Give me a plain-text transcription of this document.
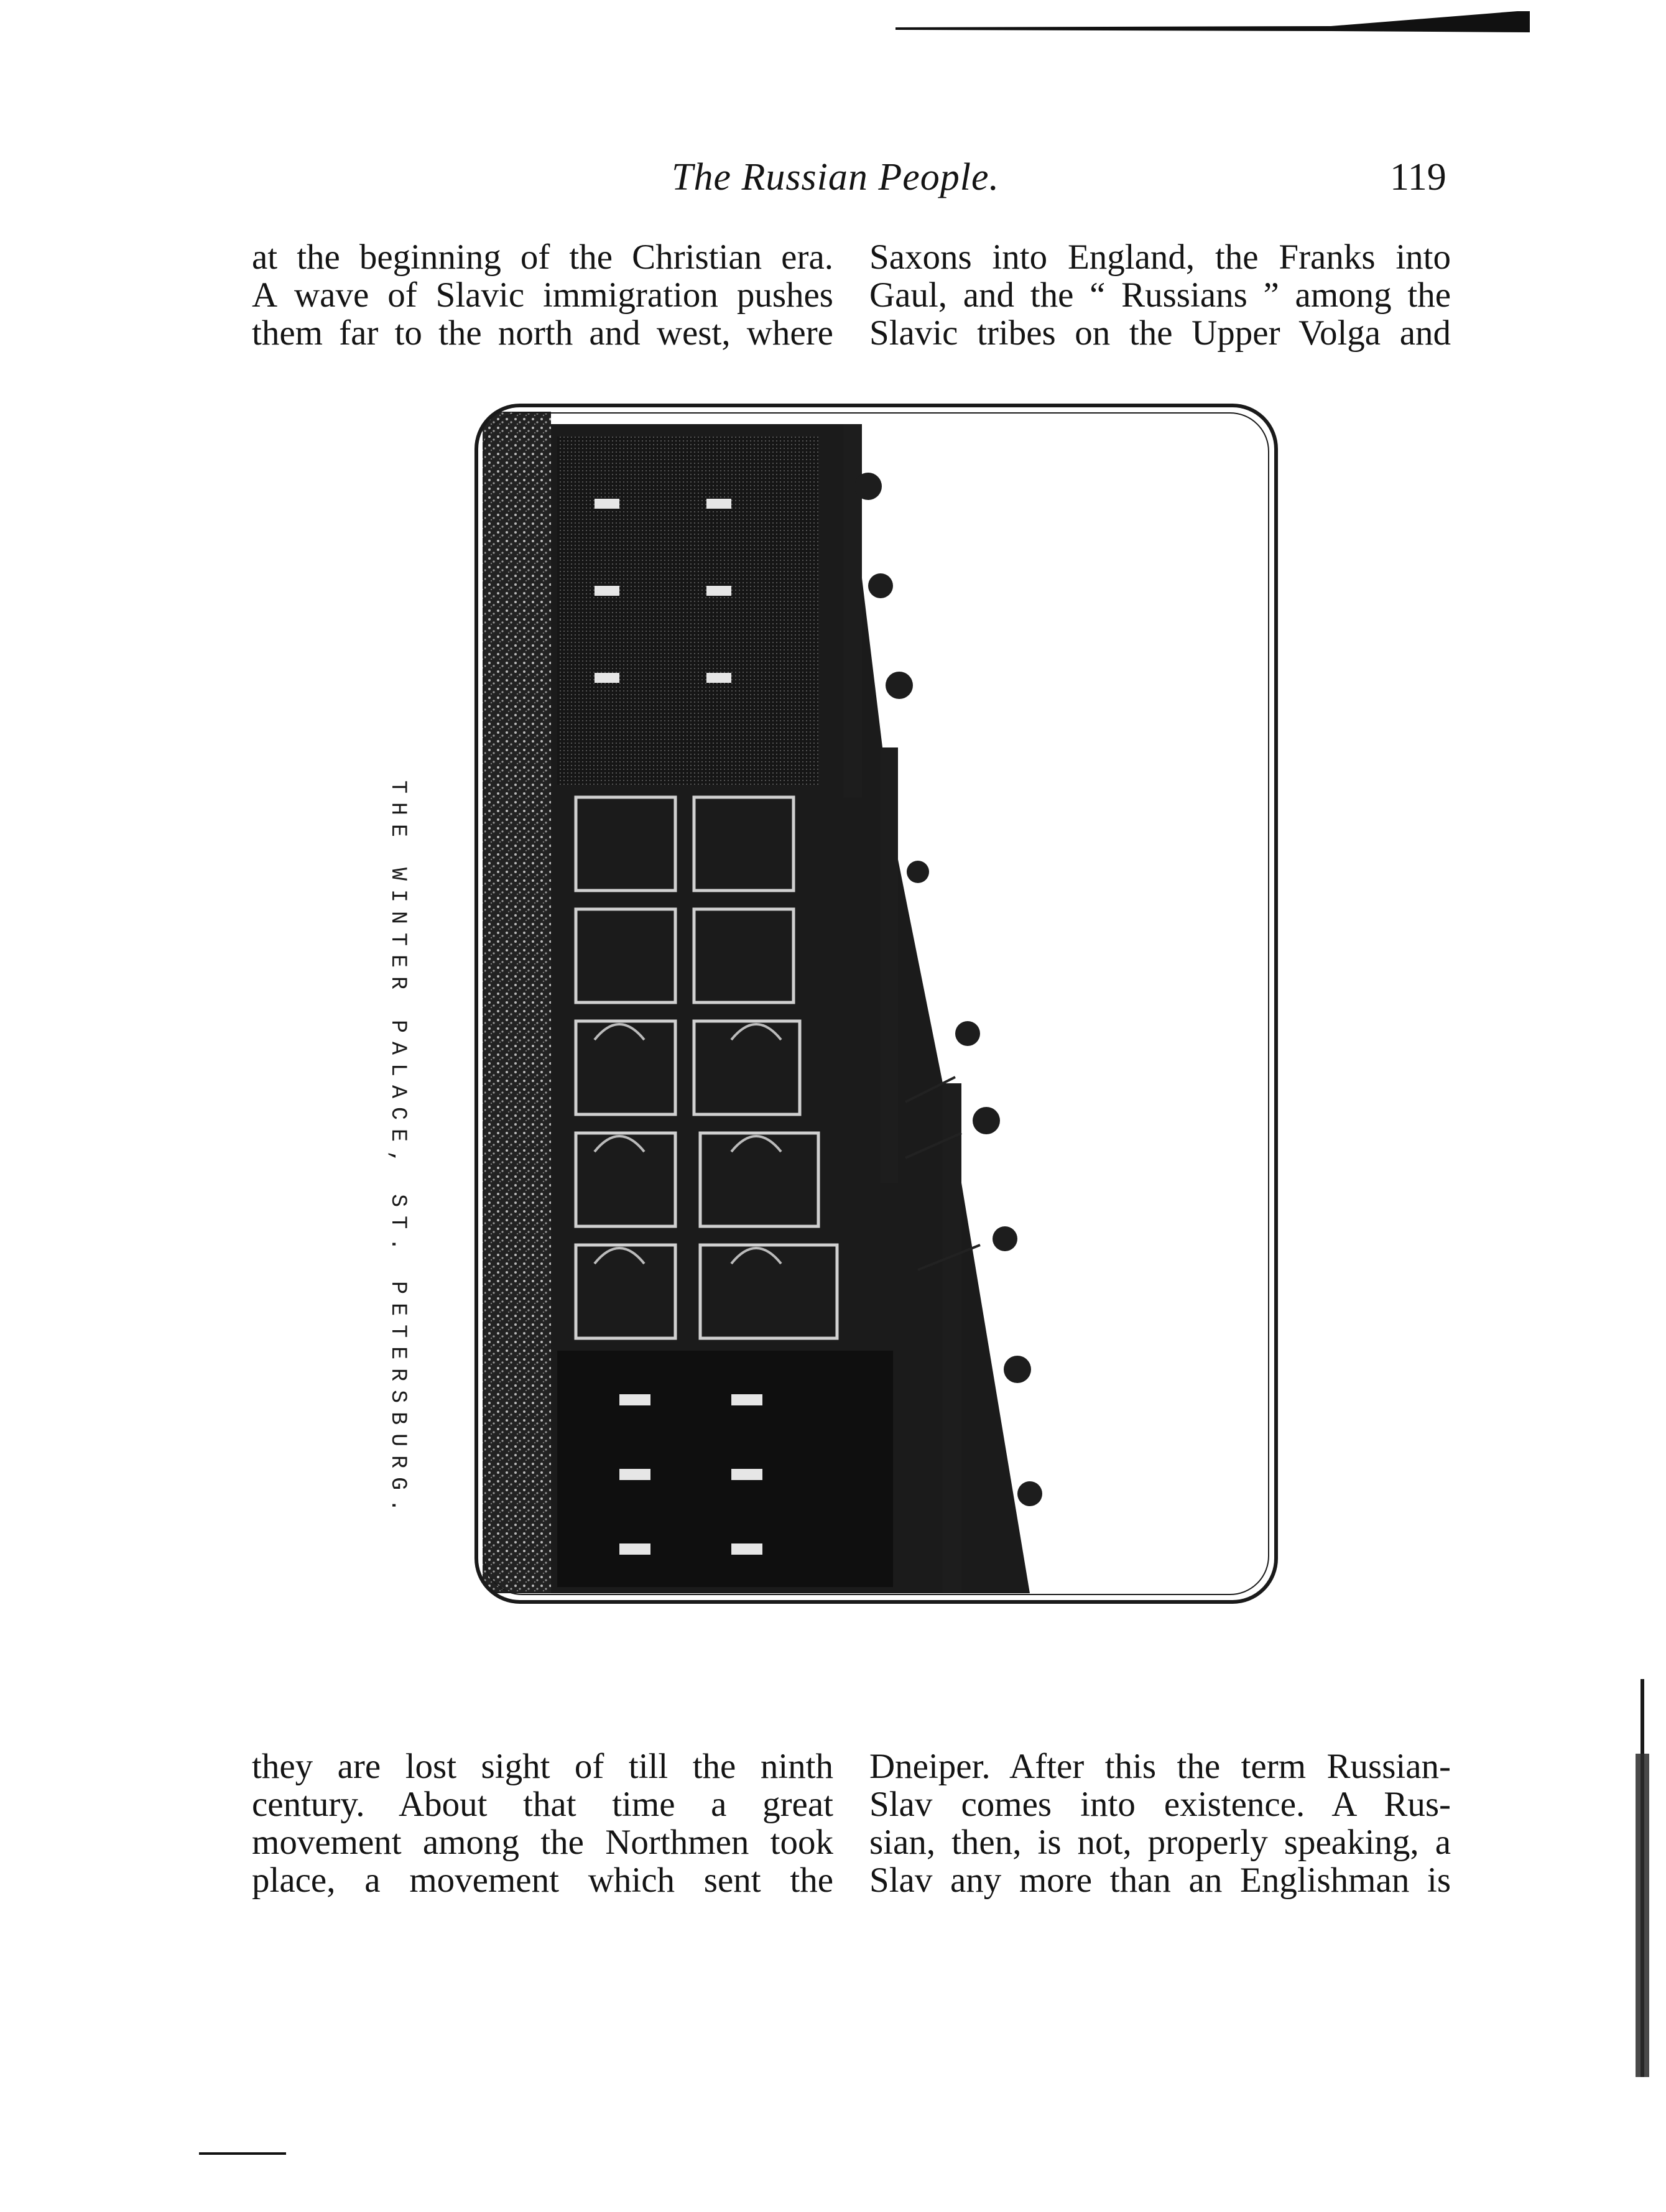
The Russian People.	119
at the beginning of the Christian era.
A wave of Slavic immigration pushes
them far to the north and west, where
Saxons into England, the Franks into
Gaul, and the “ Russians ” among the
Slavic tribes on the Upper Volga and
THE WINTER PALACE, ST. PETERSBURG.
they are lost sight of till the ninth
century. About that time a great
movement among the Northmen took
place, a movement which sent the
Dneiper. After this the term Russian-
Slav comes into existence. A Rus-
sian, then, is not, properly speaking, a
Slav any more than an Englishman is
